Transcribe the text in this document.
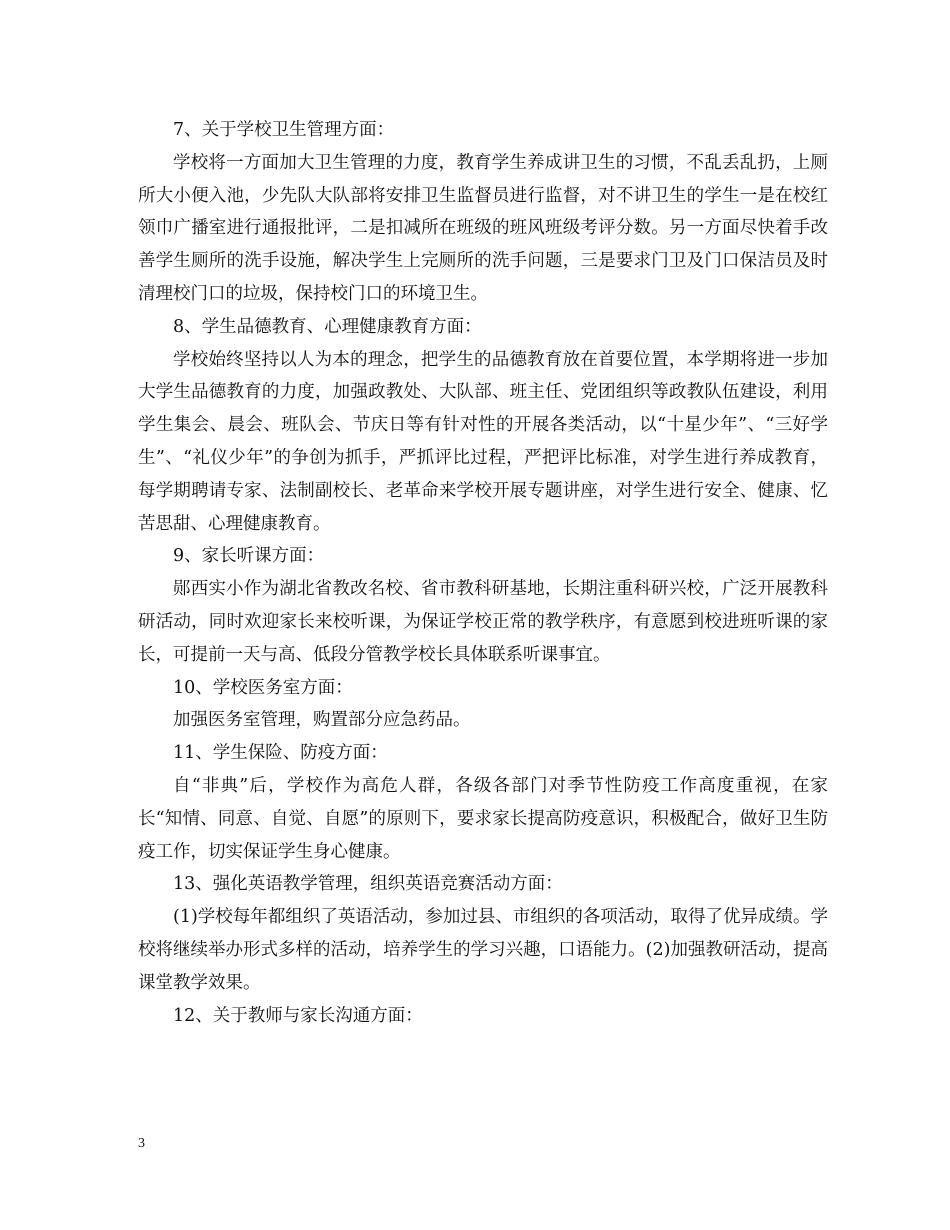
7、关于学校卫生管理方面：

学校将一方面加大卫生管理的力度，教育学生养成讲卫生的习惯，不乱丢乱扔，上厕所大小便入池，少先队大队部将安排卫生监督员进行监督，对不讲卫生的学生一是在校红领巾广播室进行通报批评，二是扣减所在班级的班风班级考评分数。另一方面尽快着手改善学生厕所的洗手设施，解决学生上完厕所的洗手问题，三是要求门卫及门口保洁员及时清理校门口的垃圾，保持校门口的环境卫生。

8、学生品德教育、心理健康教育方面：

学校始终坚持以人为本的理念，把学生的品德教育放在首要位置，本学期将进一步加大学生品德教育的力度，加强政教处、大队部、班主任、党团组织等政教队伍建设，利用学生集会、晨会、班队会、节庆日等有针对性的开展各类活动，以“十星少年”、“三好学生”、“礼仪少年”的争创为抓手，严抓评比过程，严把评比标准，对学生进行养成教育，每学期聘请专家、法制副校长、老革命来学校开展专题讲座，对学生进行安全、健康、忆苦思甜、心理健康教育。

9、家长听课方面：

郧西实小作为湖北省教改名校、省市教科研基地，长期注重科研兴校，广泛开展教科研活动，同时欢迎家长来校听课，为保证学校正常的教学秩序，有意愿到校进班听课的家长，可提前一天与高、低段分管教学校长具体联系听课事宜。

10、学校医务室方面：

加强医务室管理，购置部分应急药品。

11、学生保险、防疫方面：

自“非典”后，学校作为高危人群，各级各部门对季节性防疫工作高度重视，在家长“知情、同意、自觉、自愿”的原则下，要求家长提高防疫意识，积极配合，做好卫生防疫工作，切实保证学生身心健康。

13、强化英语教学管理，组织英语竞赛活动方面：

(1)学校每年都组织了英语活动，参加过县、市组织的各项活动，取得了优异成绩。学校将继续举办形式多样的活动，培养学生的学习兴趣，口语能力。(2)加强教研活动，提高课堂教学效果。

12、关于教师与家长沟通方面：

3
